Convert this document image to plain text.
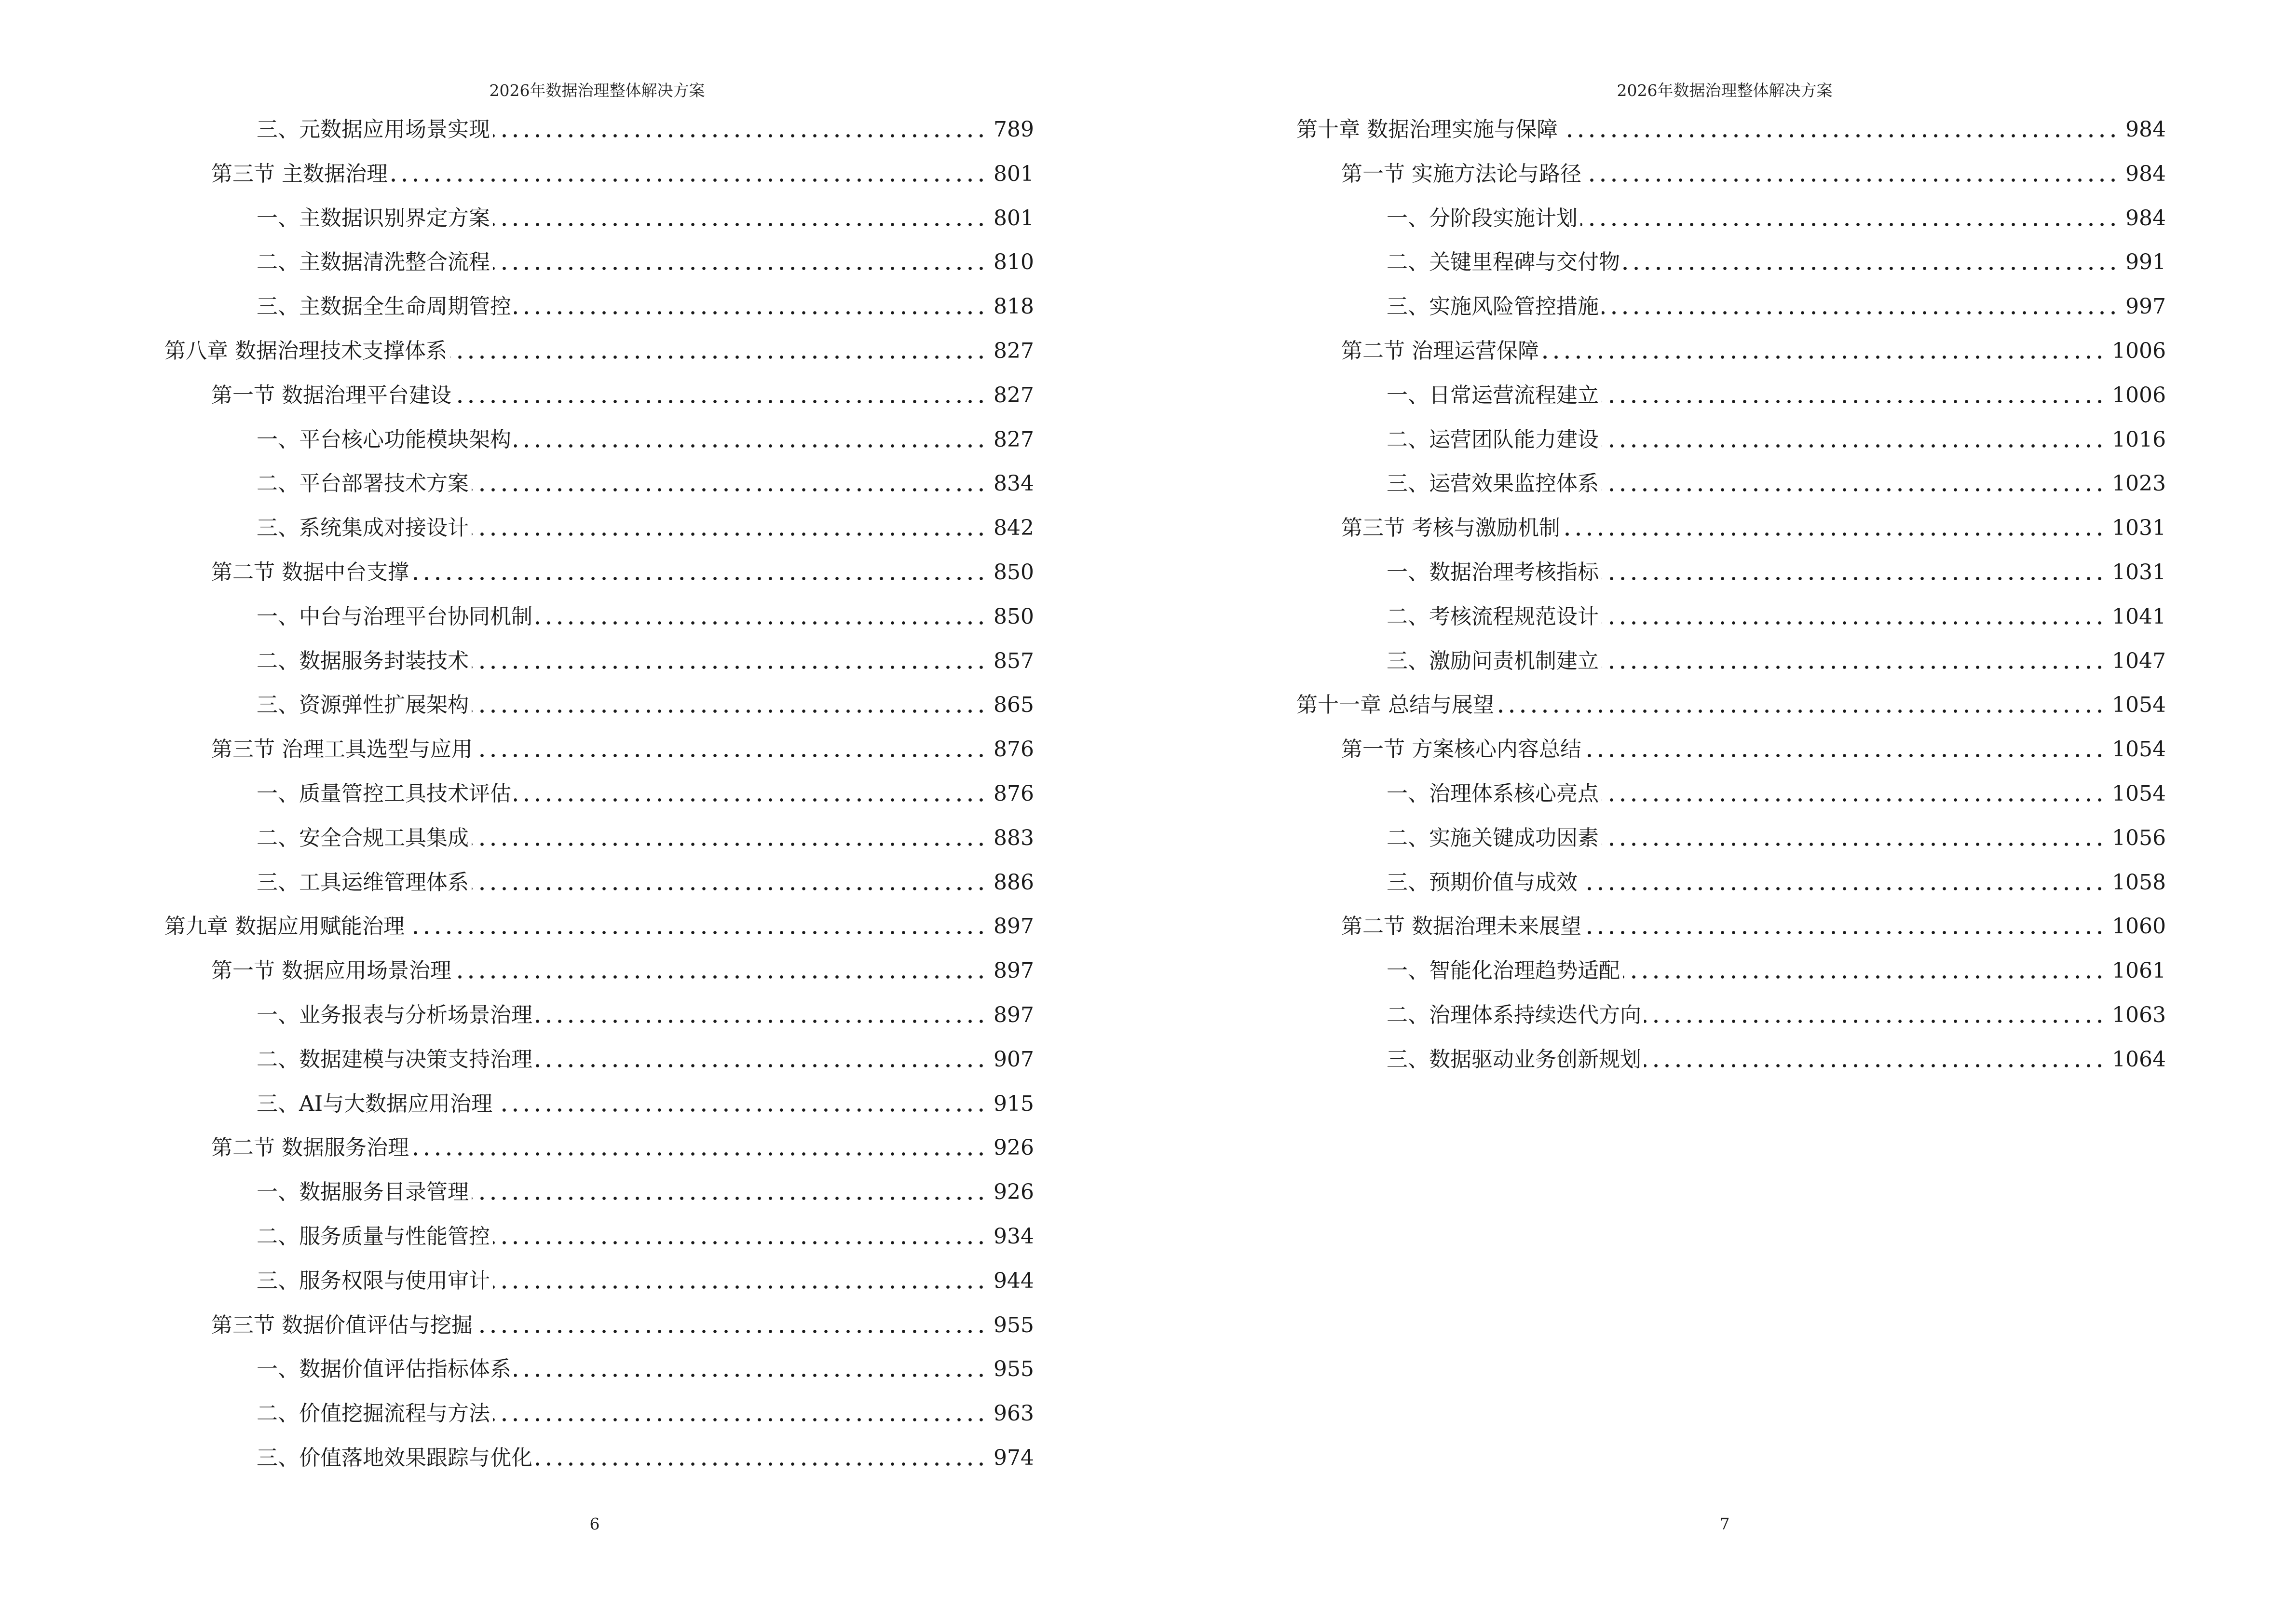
2026年数据治理整体解决方案
三、元数据应用场景实现	789
第三节 主数据治理	801
一、主数据识别界定方案	801
二、主数据清洗整合流程	810
三、主数据全生命周期管控	818
第八章 数据治理技术支撑体系	827
第一节 数据治理平台建设	827
一、平台核心功能模块架构	827
二、平台部署技术方案	834
三、系统集成对接设计	842
第二节 数据中台支撑	850
一、中台与治理平台协同机制	850
二、数据服务封装技术	857
三、资源弹性扩展架构	865
第三节 治理工具选型与应用	876
一、质量管控工具技术评估	876
二、安全合规工具集成	883
三、工具运维管理体系	886
第九章 数据应用赋能治理	897
第一节 数据应用场景治理	897
一、业务报表与分析场景治理	897
二、数据建模与决策支持治理	907
三、AI与大数据应用治理	915
第二节 数据服务治理	926
一、数据服务目录管理	926
二、服务质量与性能管控	934
三、服务权限与使用审计	944
第三节 数据价值评估与挖掘	955
一、数据价值评估指标体系	955
二、价值挖掘流程与方法	963
三、价值落地效果跟踪与优化	974
6
2026年数据治理整体解决方案
第十章 数据治理实施与保障	984
第一节 实施方法论与路径	984
一、分阶段实施计划	984
二、关键里程碑与交付物	991
三、实施风险管控措施	997
第二节 治理运营保障	1006
一、日常运营流程建立	1006
二、运营团队能力建设	1016
三、运营效果监控体系	1023
第三节 考核与激励机制	1031
一、数据治理考核指标	1031
二、考核流程规范设计	1041
三、激励问责机制建立	1047
第十一章 总结与展望	1054
第一节 方案核心内容总结	1054
一、治理体系核心亮点	1054
二、实施关键成功因素	1056
三、预期价值与成效	1058
第二节 数据治理未来展望	1060
一、智能化治理趋势适配	1061
二、治理体系持续迭代方向	1063
三、数据驱动业务创新规划	1064
7
